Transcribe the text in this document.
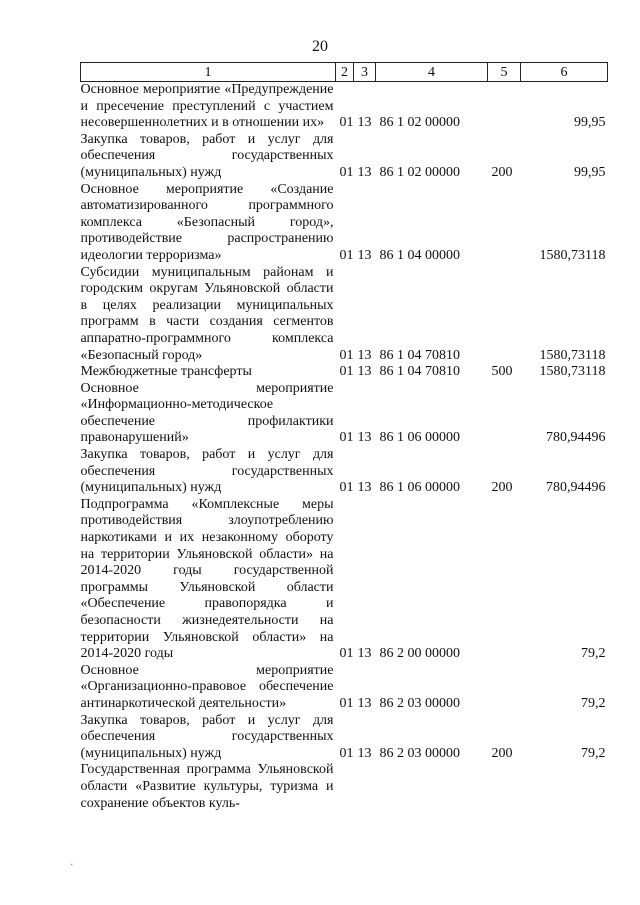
20
1	2	3	4	5	6
Основное мероприятие «Предупреждение и пресечение преступлений с участием несовершеннолетних и в отношении их»	01	13	86 1 02 00000		99,95
Закупка товаров, работ и услуг для обеспечения государственных (муниципальных) нужд	01	13	86 1 02 00000	200	99,95
Основное мероприятие «Создание автоматизированного программного комплекса «Безопасный город», противодействие распространению идеологии терроризма»	01	13	86 1 04 00000		1580,73118
Субсидии муниципальным районам и городским округам Ульяновской области в целях реализации муниципальных программ в части создания сегментов аппаратно-программного комплекса «Безопасный город»	01	13	86 1 04 70810		1580,73118
Межбюджетные трансферты	01	13	86 1 04 70810	500	1580,73118
Основное мероприятие «Информационно-методическое обеспечение профилактики правонарушений»	01	13	86 1 06 00000		780,94496
Закупка товаров, работ и услуг для обеспечения государственных (муниципальных) нужд	01	13	86 1 06 00000	200	780,94496
Подпрограмма «Комплексные меры противодействия злоупотреблению наркотиками и их незаконному обороту на территории Ульяновской области» на 2014-2020 годы государственной программы Ульяновской области «Обеспечение правопорядка и безопасности жизнедеятельности на территории Ульяновской области» на 2014-2020 годы	01	13	86 2 00 00000		79,2
Основное мероприятие «Организационно-правовое обеспечение антинаркотической деятельности»	01	13	86 2 03 00000		79,2
Закупка товаров, работ и услуг для обеспечения государственных (муниципальных) нужд	01	13	86 2 03 00000	200	79,2
Государственная программа Ульяновской области «Развитие культуры, туризма и сохранение объектов куль-					
·
